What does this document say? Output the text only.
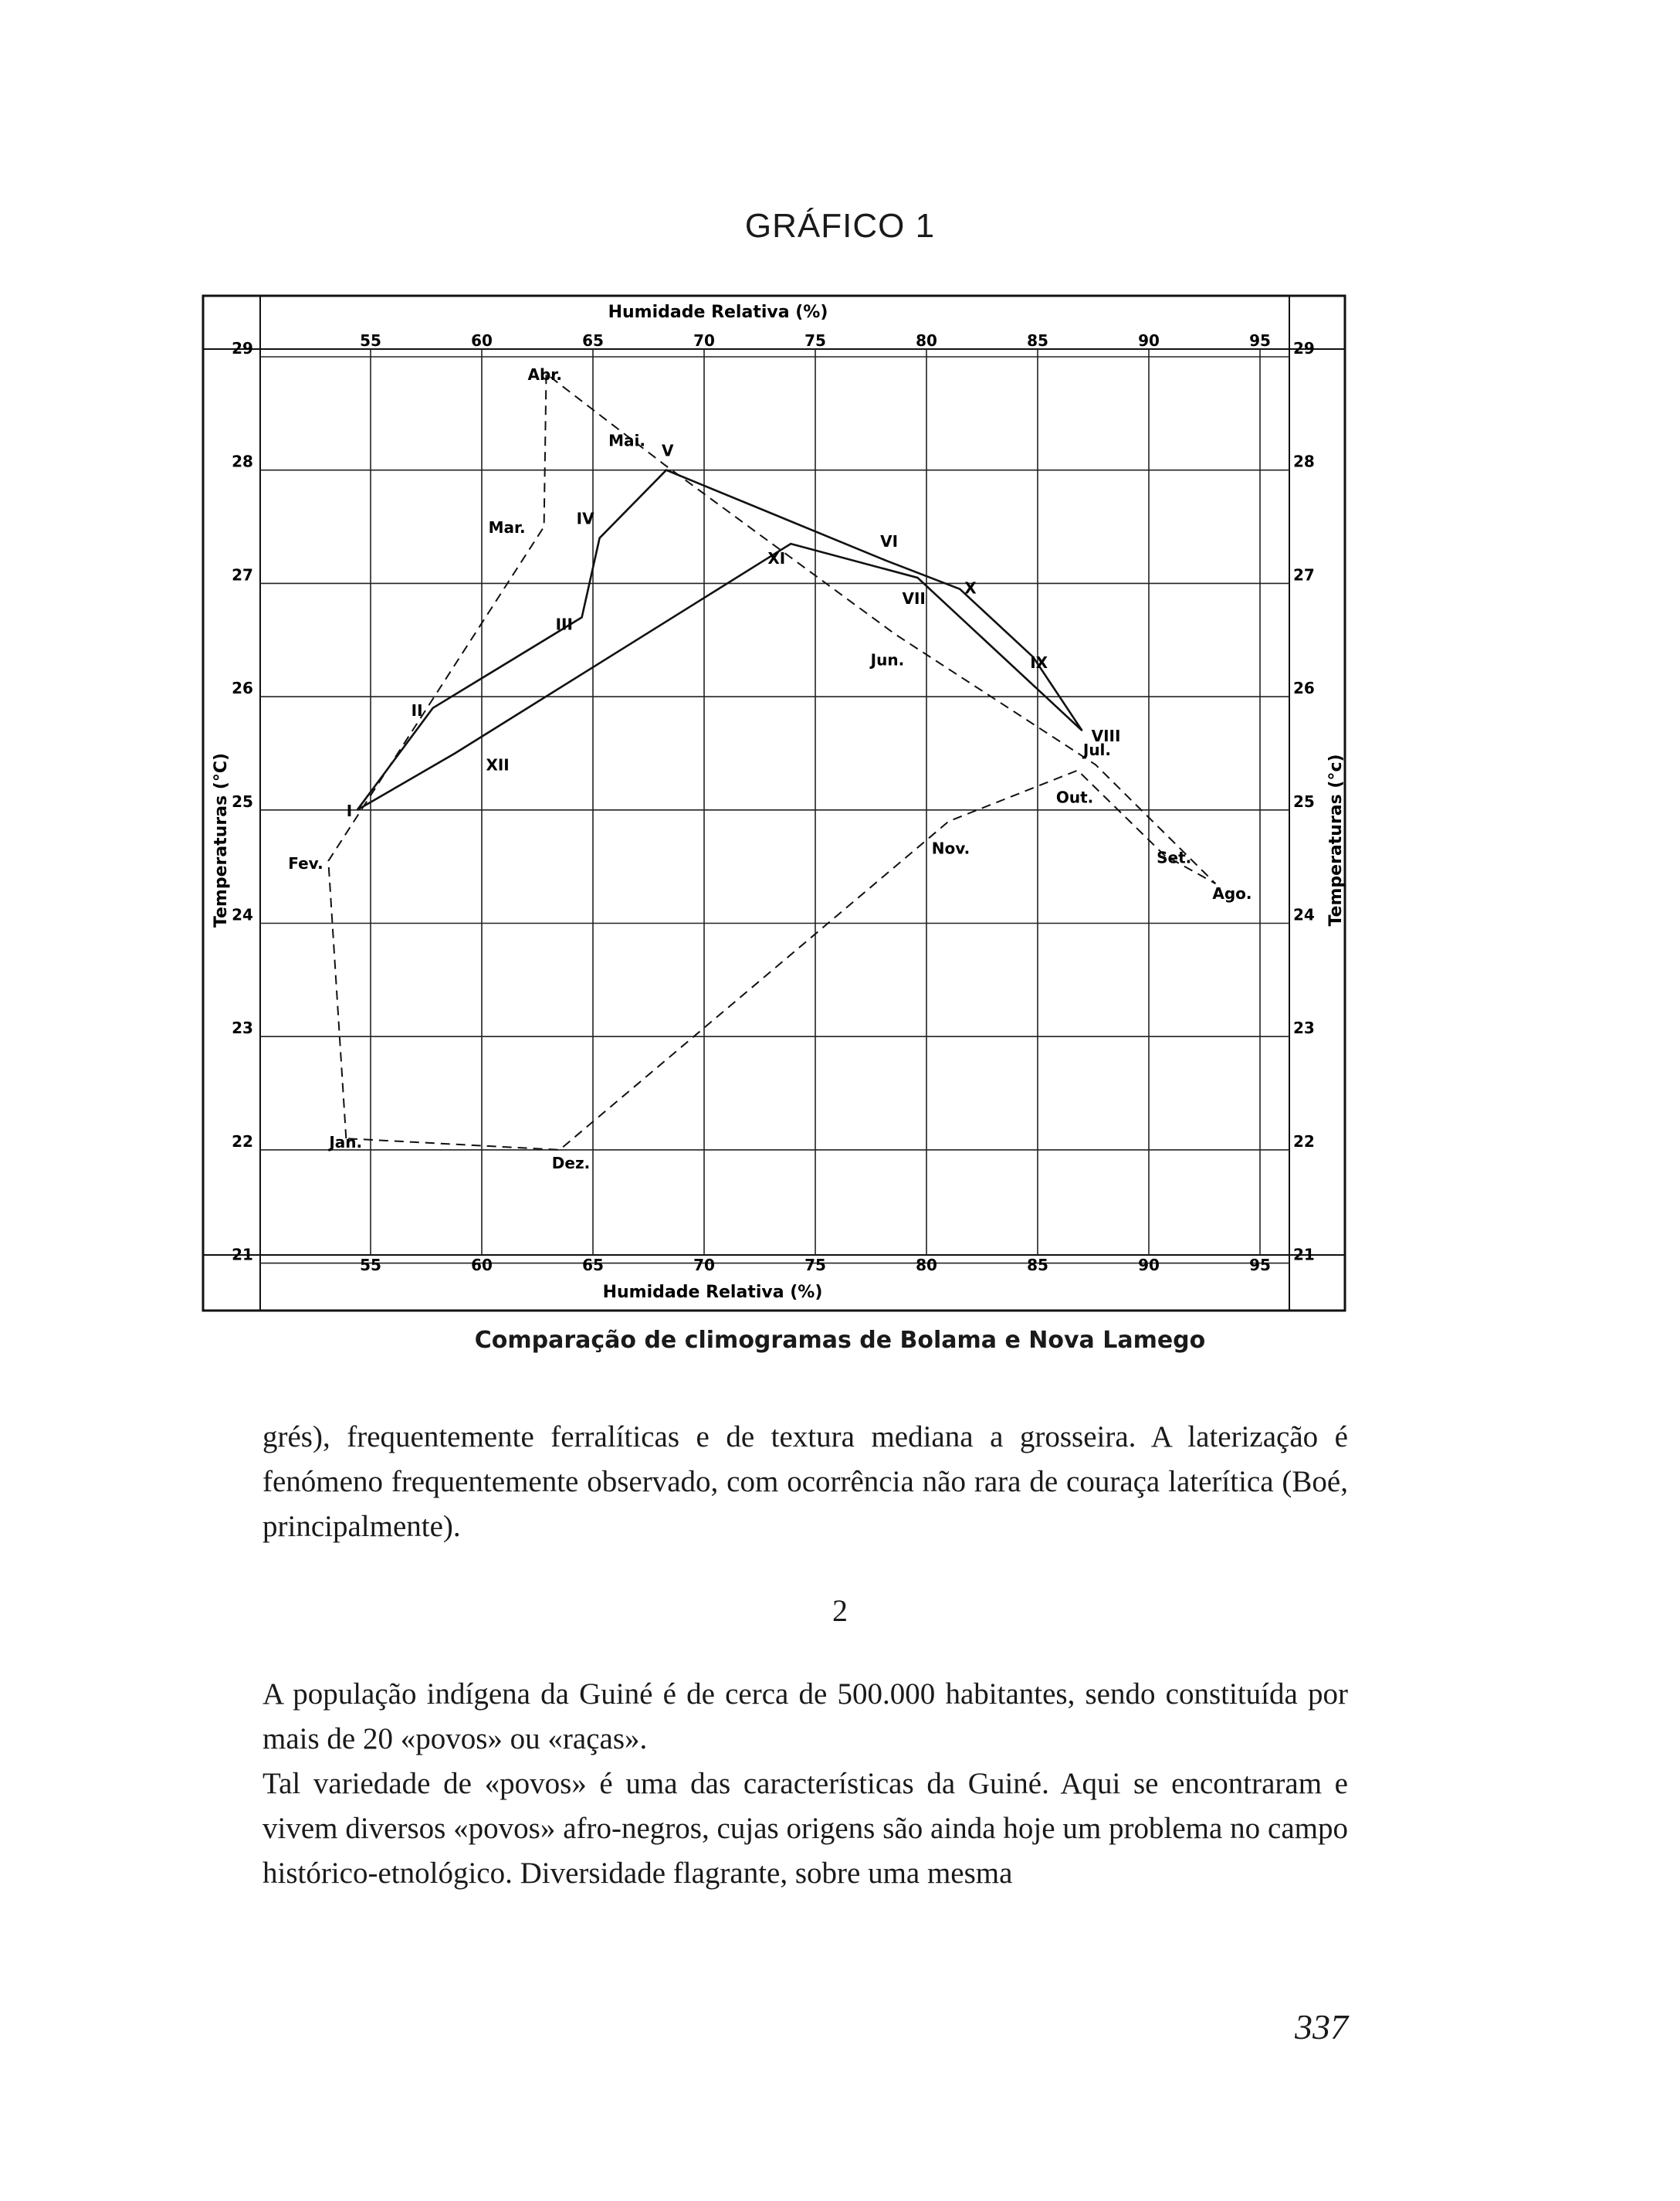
GRÁFICO 1
55
55
60
60
65
65
70
70
75
75
80
80
85
85
90
90
95
95
21	21
22	22
23	23
24	24
25	25
26	26
27	27
28	28
29	29
I
II
III
IV
V
VI
X
IX
VIII
VII
XI
XII
Jan.
Fev.
Mar.
Abr.
Mai.
Jun.
Jul.
Ago.
Set.
Out.
Nov.
Dez.
Humidade Relativa (%)
Humidade Relativa (%)
Temperaturas (°C)	Temperaturas (°c)
Comparação de climogramas de Bolama e Nova Lamego

grés), frequentemente ferralíticas e de textura mediana a grosseira. A laterização é fenómeno frequentemente observado, com ocorrência não rara de couraça laterítica (Boé, principalmente).

2

A população indígena da Guiné é de cerca de 500.000 habitantes, sendo constituída por mais de 20 «povos» ou «raças».

Tal variedade de «povos» é uma das características da Guiné. Aqui se encontraram e vivem diversos «povos» afro-negros, cujas origens são ainda hoje um problema no campo histórico-etnológico. Diversidade flagrante, sobre uma mesma

337
